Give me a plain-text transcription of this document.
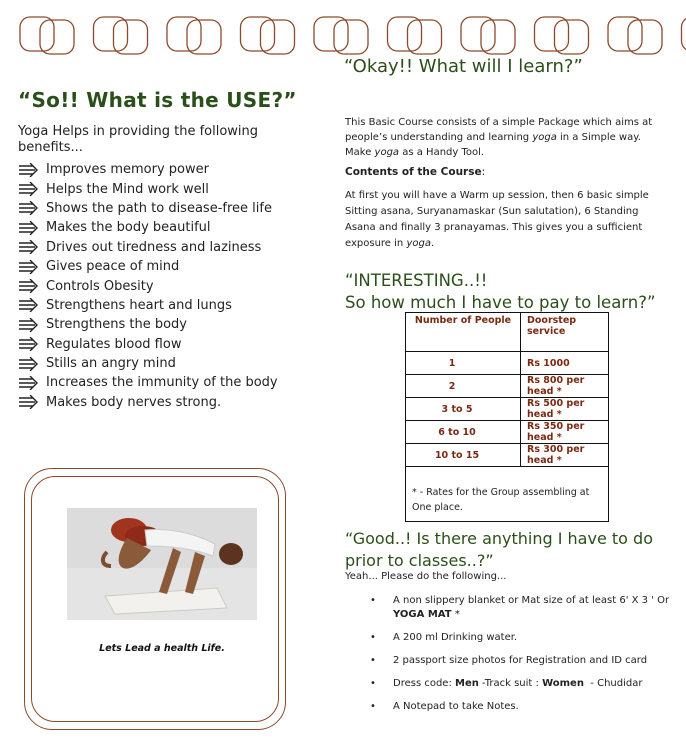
“So!! What is the USE?”
Yoga Helps in providing the following benefits...
Improves memory power
Helps the Mind work well
Shows the path to disease-free life
Makes the body beautiful
Drives out tiredness and laziness
Gives peace of mind
Controls Obesity
Strengthens heart and lungs
Strengthens the body
Regulates blood flow
Stills an angry mind
Increases the immunity of the body
Makes body nerves strong.
Lets Lead a health Life.
“Okay!! What will I learn?”
This Basic Course consists of a simple Package which aims at people’s understanding and learning yoga in a Simple way. Make yoga as a Handy Tool.
Contents of the Course:
At first you will have a Warm up session, then 6 basic simple Sitting asana, Suryanamaskar (Sun salutation), 6 Standing Asana and finally 3 pranayamas. This gives you a sufficient exposure in yoga.
“INTERESTING..!!
So how much I have to pay to learn?”
Number of People	Doorstep service
1	Rs 1000
2	Rs 800 per head *
3 to 5	Rs 500 per head *
6 to 10	Rs 350 per head *
10 to 15	Rs 300 per head *
* - Rates for the Group assembling at One place.	
“Good..! Is there anything I have to do prior to classes..?”
Yeah... Please do the following...
• A non slippery blanket or Mat size of at least 6' X 3 ' Or YOGA MAT *
• A 200 ml Drinking water.
• 2 passport size photos for Registration and ID card
• Dress code: Men -Track suit : Women  - Chudidar
• A Notepad to take Notes.
